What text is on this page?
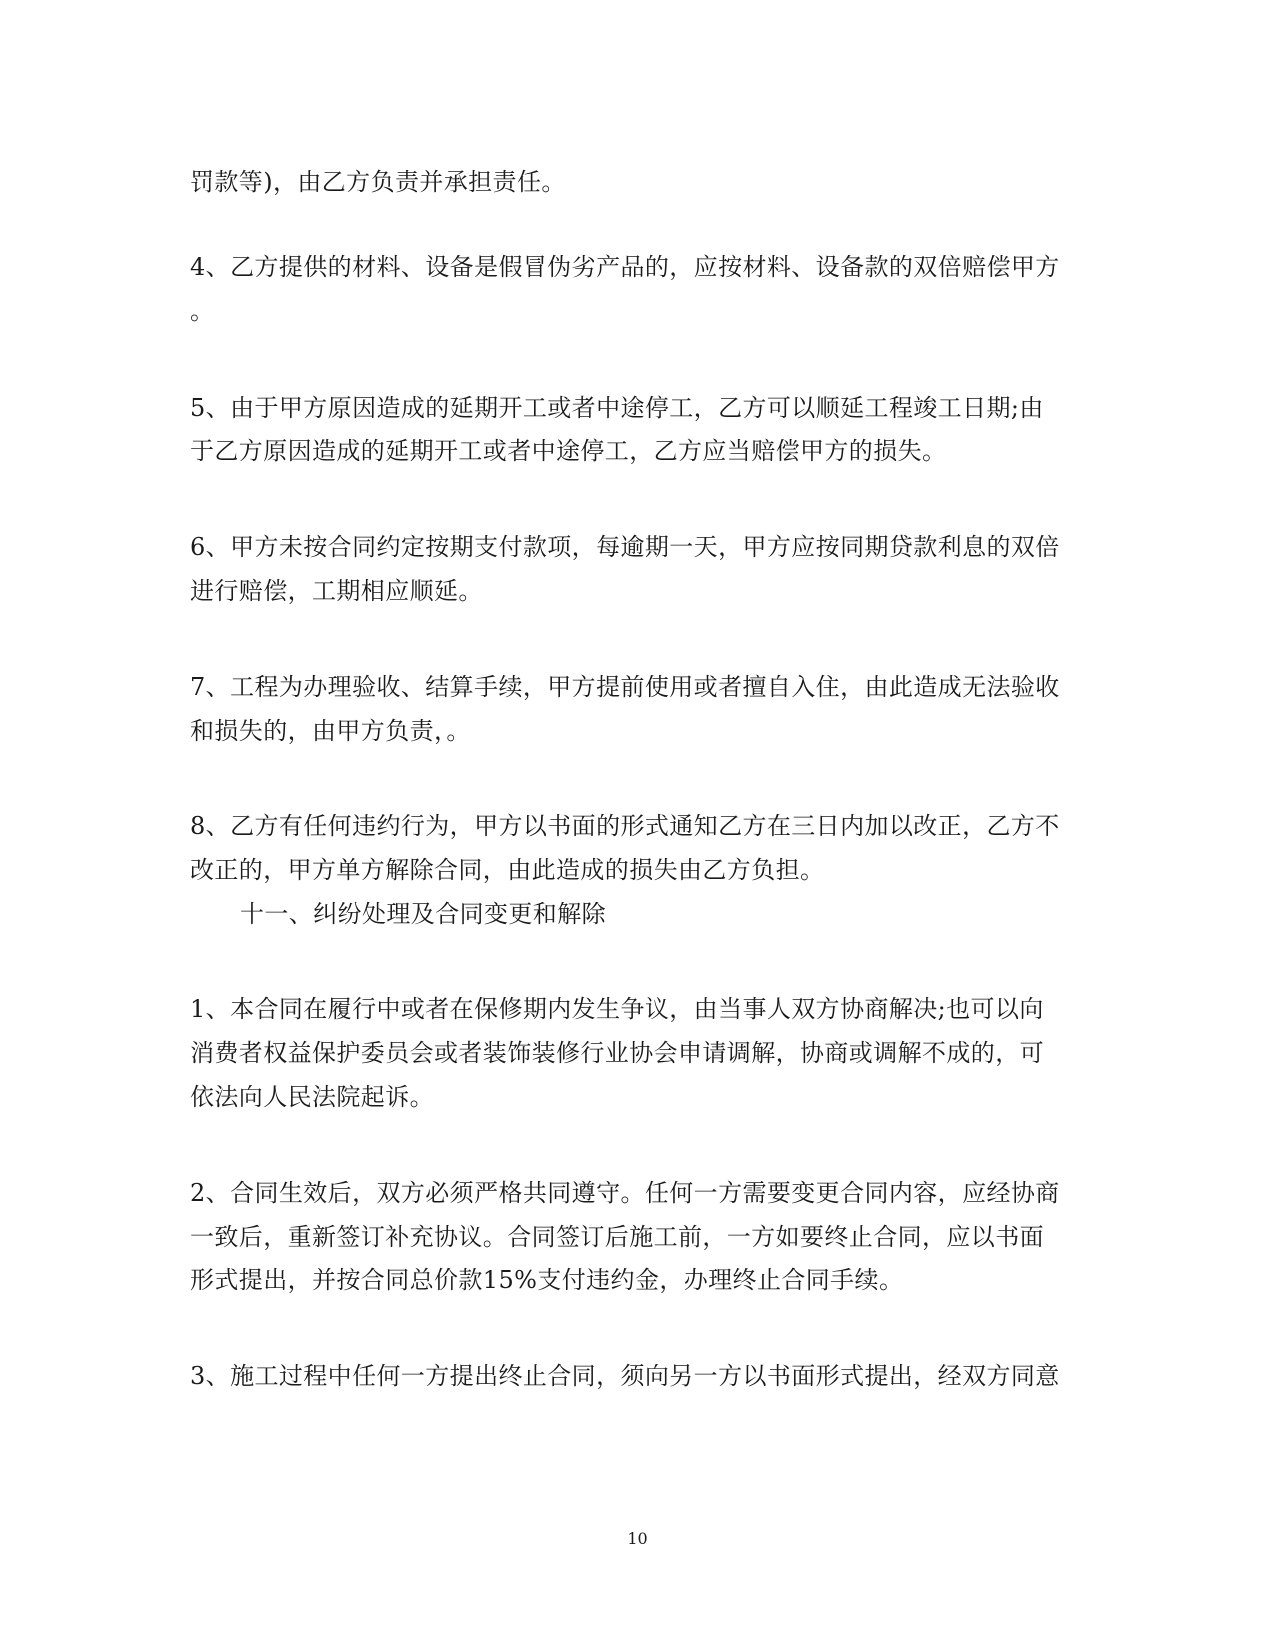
罚款等)，由乙方负责并承担责任。
4、乙方提供的材料、设备是假冒伪劣产品的，应按材料、设备款的双倍赔偿甲方
。
5、由于甲方原因造成的延期开工或者中途停工，乙方可以顺延工程竣工日期;由
于乙方原因造成的延期开工或者中途停工，乙方应当赔偿甲方的损失。
6、甲方未按合同约定按期支付款项，每逾期一天，甲方应按同期贷款利息的双倍
进行赔偿，工期相应顺延。
7、工程为办理验收、结算手续，甲方提前使用或者擅自入住，由此造成无法验收
和损失的，由甲方负责，。
8、乙方有任何违约行为，甲方以书面的形式通知乙方在三日内加以改正，乙方不
改正的，甲方单方解除合同，由此造成的损失由乙方负担。
十一、纠纷处理及合同变更和解除
1、本合同在履行中或者在保修期内发生争议，由当事人双方协商解决;也可以向
消费者权益保护委员会或者装饰装修行业协会申请调解，协商或调解不成的，可
依法向人民法院起诉。
2、合同生效后，双方必须严格共同遵守。任何一方需要变更合同内容，应经协商
一致后，重新签订补充协议。合同签订后施工前，一方如要终止合同，应以书面
形式提出，并按合同总价款15%支付违约金，办理终止合同手续。
3、施工过程中任何一方提出终止合同，须向另一方以书面形式提出，经双方同意
10
